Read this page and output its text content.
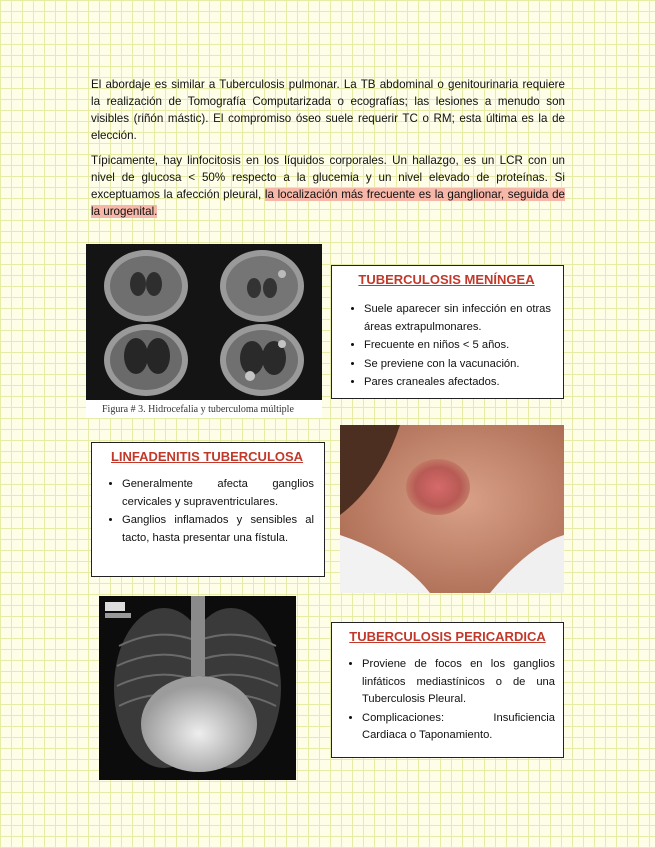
El abordaje es similar a Tuberculosis pulmonar. La TB abdominal o genitourinaria requiere la realización de Tomografía Computarizada o ecografías; las lesiones a menudo son visibles (riñón mástic). El compromiso óseo suele requerir TC o RM; esta última es la de elección.

Típicamente, hay linfocitosis en los líquidos corporales. Un hallazgo, es un LCR con un nivel de glucosa < 50% respecto a la glucemia y un nivel elevado de proteínas. Si exceptuamos la afección pleural, la localización más frecuente es la ganglionar, seguida de la urogenital.

Figura # 3. Hidrocefalia y tuberculoma múltiple
TUBERCULOSIS MENÍNGEA
• Suele aparecer sin infección en otras áreas extrapulmonares.
• Frecuente en niños < 5 años.
• Se previene con la vacunación.
• Pares craneales afectados.
LINFADENITIS TUBERCULOSA
• Generalmente afecta ganglios cervicales y supraventriculares.
• Ganglios inflamados y sensibles al tacto, hasta presentar una fístula.
TUBERCULOSIS PERICARDICA
• Proviene de focos en los ganglios linfáticos mediastínicos o de una Tuberculosis Pleural.
• Complicaciones: Insuficiencia Cardiaca o Taponamiento.
